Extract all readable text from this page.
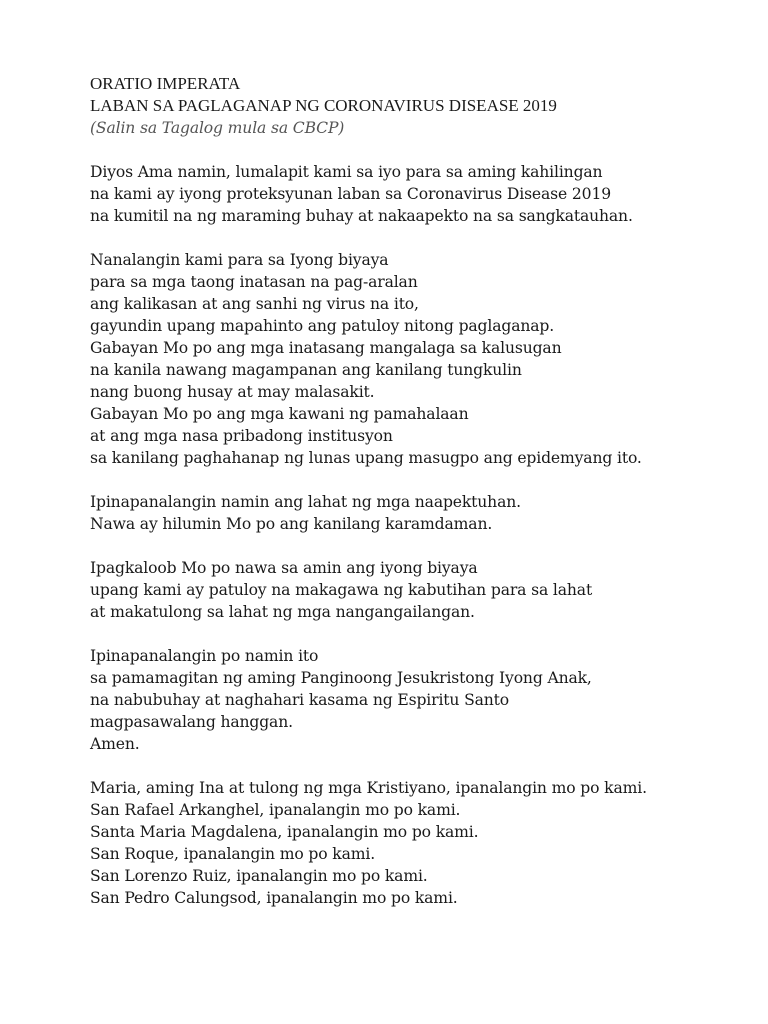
ORATIO IMPERATA
LABAN SA PAGLAGANAP NG CORONAVIRUS DISEASE 2019
(Salin sa Tagalog mula sa CBCP)
Diyos Ama namin, lumalapit kami sa iyo para sa aming kahilingan
na kami ay iyong proteksyunan laban sa Coronavirus Disease 2019
na kumitil na ng maraming buhay at nakaapekto na sa sangkatauhan.
Nanalangin kami para sa Iyong biyaya
para sa mga taong inatasan na pag-aralan
ang kalikasan at ang sanhi ng virus na ito,
gayundin upang mapahinto ang patuloy nitong paglaganap.
Gabayan Mo po ang mga inatasang mangalaga sa kalusugan
na kanila nawang magampanan ang kanilang tungkulin
nang buong husay at may malasakit.
Gabayan Mo po ang mga kawani ng pamahalaan
at ang mga nasa pribadong institusyon
sa kanilang paghahanap ng lunas upang masugpo ang epidemyang ito.
Ipinapanalangin namin ang lahat ng mga naapektuhan.
Nawa ay hilumin Mo po ang kanilang karamdaman.
Ipagkaloob Mo po nawa sa amin ang iyong biyaya
upang kami ay patuloy na makagawa ng kabutihan para sa lahat
at makatulong sa lahat ng mga nangangailangan.
Ipinapanalangin po namin ito
sa pamamagitan ng aming Panginoong Jesukristong Iyong Anak,
na nabubuhay at naghahari kasama ng Espiritu Santo
magpasawalang hanggan.
Amen.
Maria, aming Ina at tulong ng mga Kristiyano, ipanalangin mo po kami.
San Rafael Arkanghel, ipanalangin mo po kami.
Santa Maria Magdalena, ipanalangin mo po kami.
San Roque, ipanalangin mo po kami.
San Lorenzo Ruiz, ipanalangin mo po kami.
San Pedro Calungsod, ipanalangin mo po kami.
